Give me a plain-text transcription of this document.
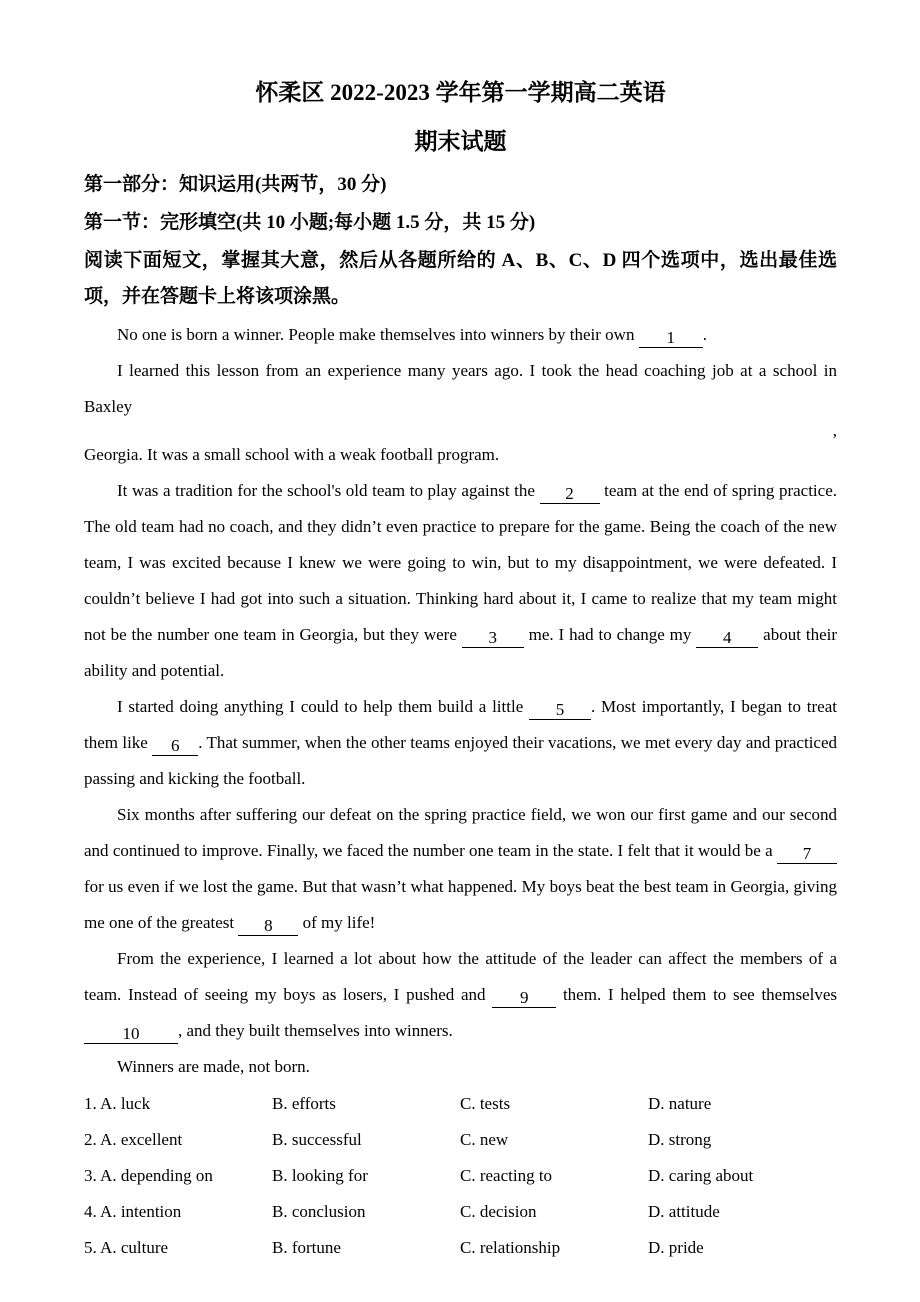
怀柔区 2022-2023 学年第一学期高二英语
期末试题
第一部分：知识运用(共两节，30 分)
第一节：完形填空(共 10 小题;每小题 1.5 分，共 15 分)
阅读下面短文，掌握其大意，然后从各题所给的 A、B、C、D 四个选项中，选出最佳选项，并在答题卡上将该项涂黑。
No one is born a winner. People make themselves into winners by their own 1 .
I learned this lesson from an experience many years ago. I took the head coaching job at a school in Baxley
,
Georgia. It was a small school with a weak football program.
It was a tradition for the school's old team to play against the 2 team at the end of spring practice. The old team had no coach, and they didn’t even practice to prepare for the game. Being the coach of the new team, I was excited because I knew we were going to win, but to my disappointment, we were defeated. I couldn’t believe I had got into such a situation. Thinking hard about it, I came to realize that my team might not be the number one team in Georgia, but they were 3 me. I had to change my 4 about their ability and potential.
I started doing anything I could to help them build a little 5 . Most importantly, I began to treat them like 6 . That summer, when the other teams enjoyed their vacations, we met every day and practiced passing and kicking the football.
Six months after suffering our defeat on the spring practice field, we won our first game and our second and continued to improve. Finally, we faced the number one team in the state. I felt that it would be a 7 for us even if we lost the game. But that wasn’t what happened. My boys beat the best team in Georgia, giving me one of the greatest 8 of my life!
From the experience, I learned a lot about how the attitude of the leader can affect the members of a team. Instead of seeing my boys as losers, I pushed and 9 them. I helped them to see themselves 10 , and they built themselves into winners.
Winners are made, not born.
1. A. luck	B. efforts	C. tests	D. nature
2. A. excellent	B. successful	C. new	D. strong
3. A. depending on	B. looking for	C. reacting to	D. caring about
4. A. intention	B. conclusion	C. decision	D. attitude
5. A. culture	B. fortune	C. relationship	D. pride
